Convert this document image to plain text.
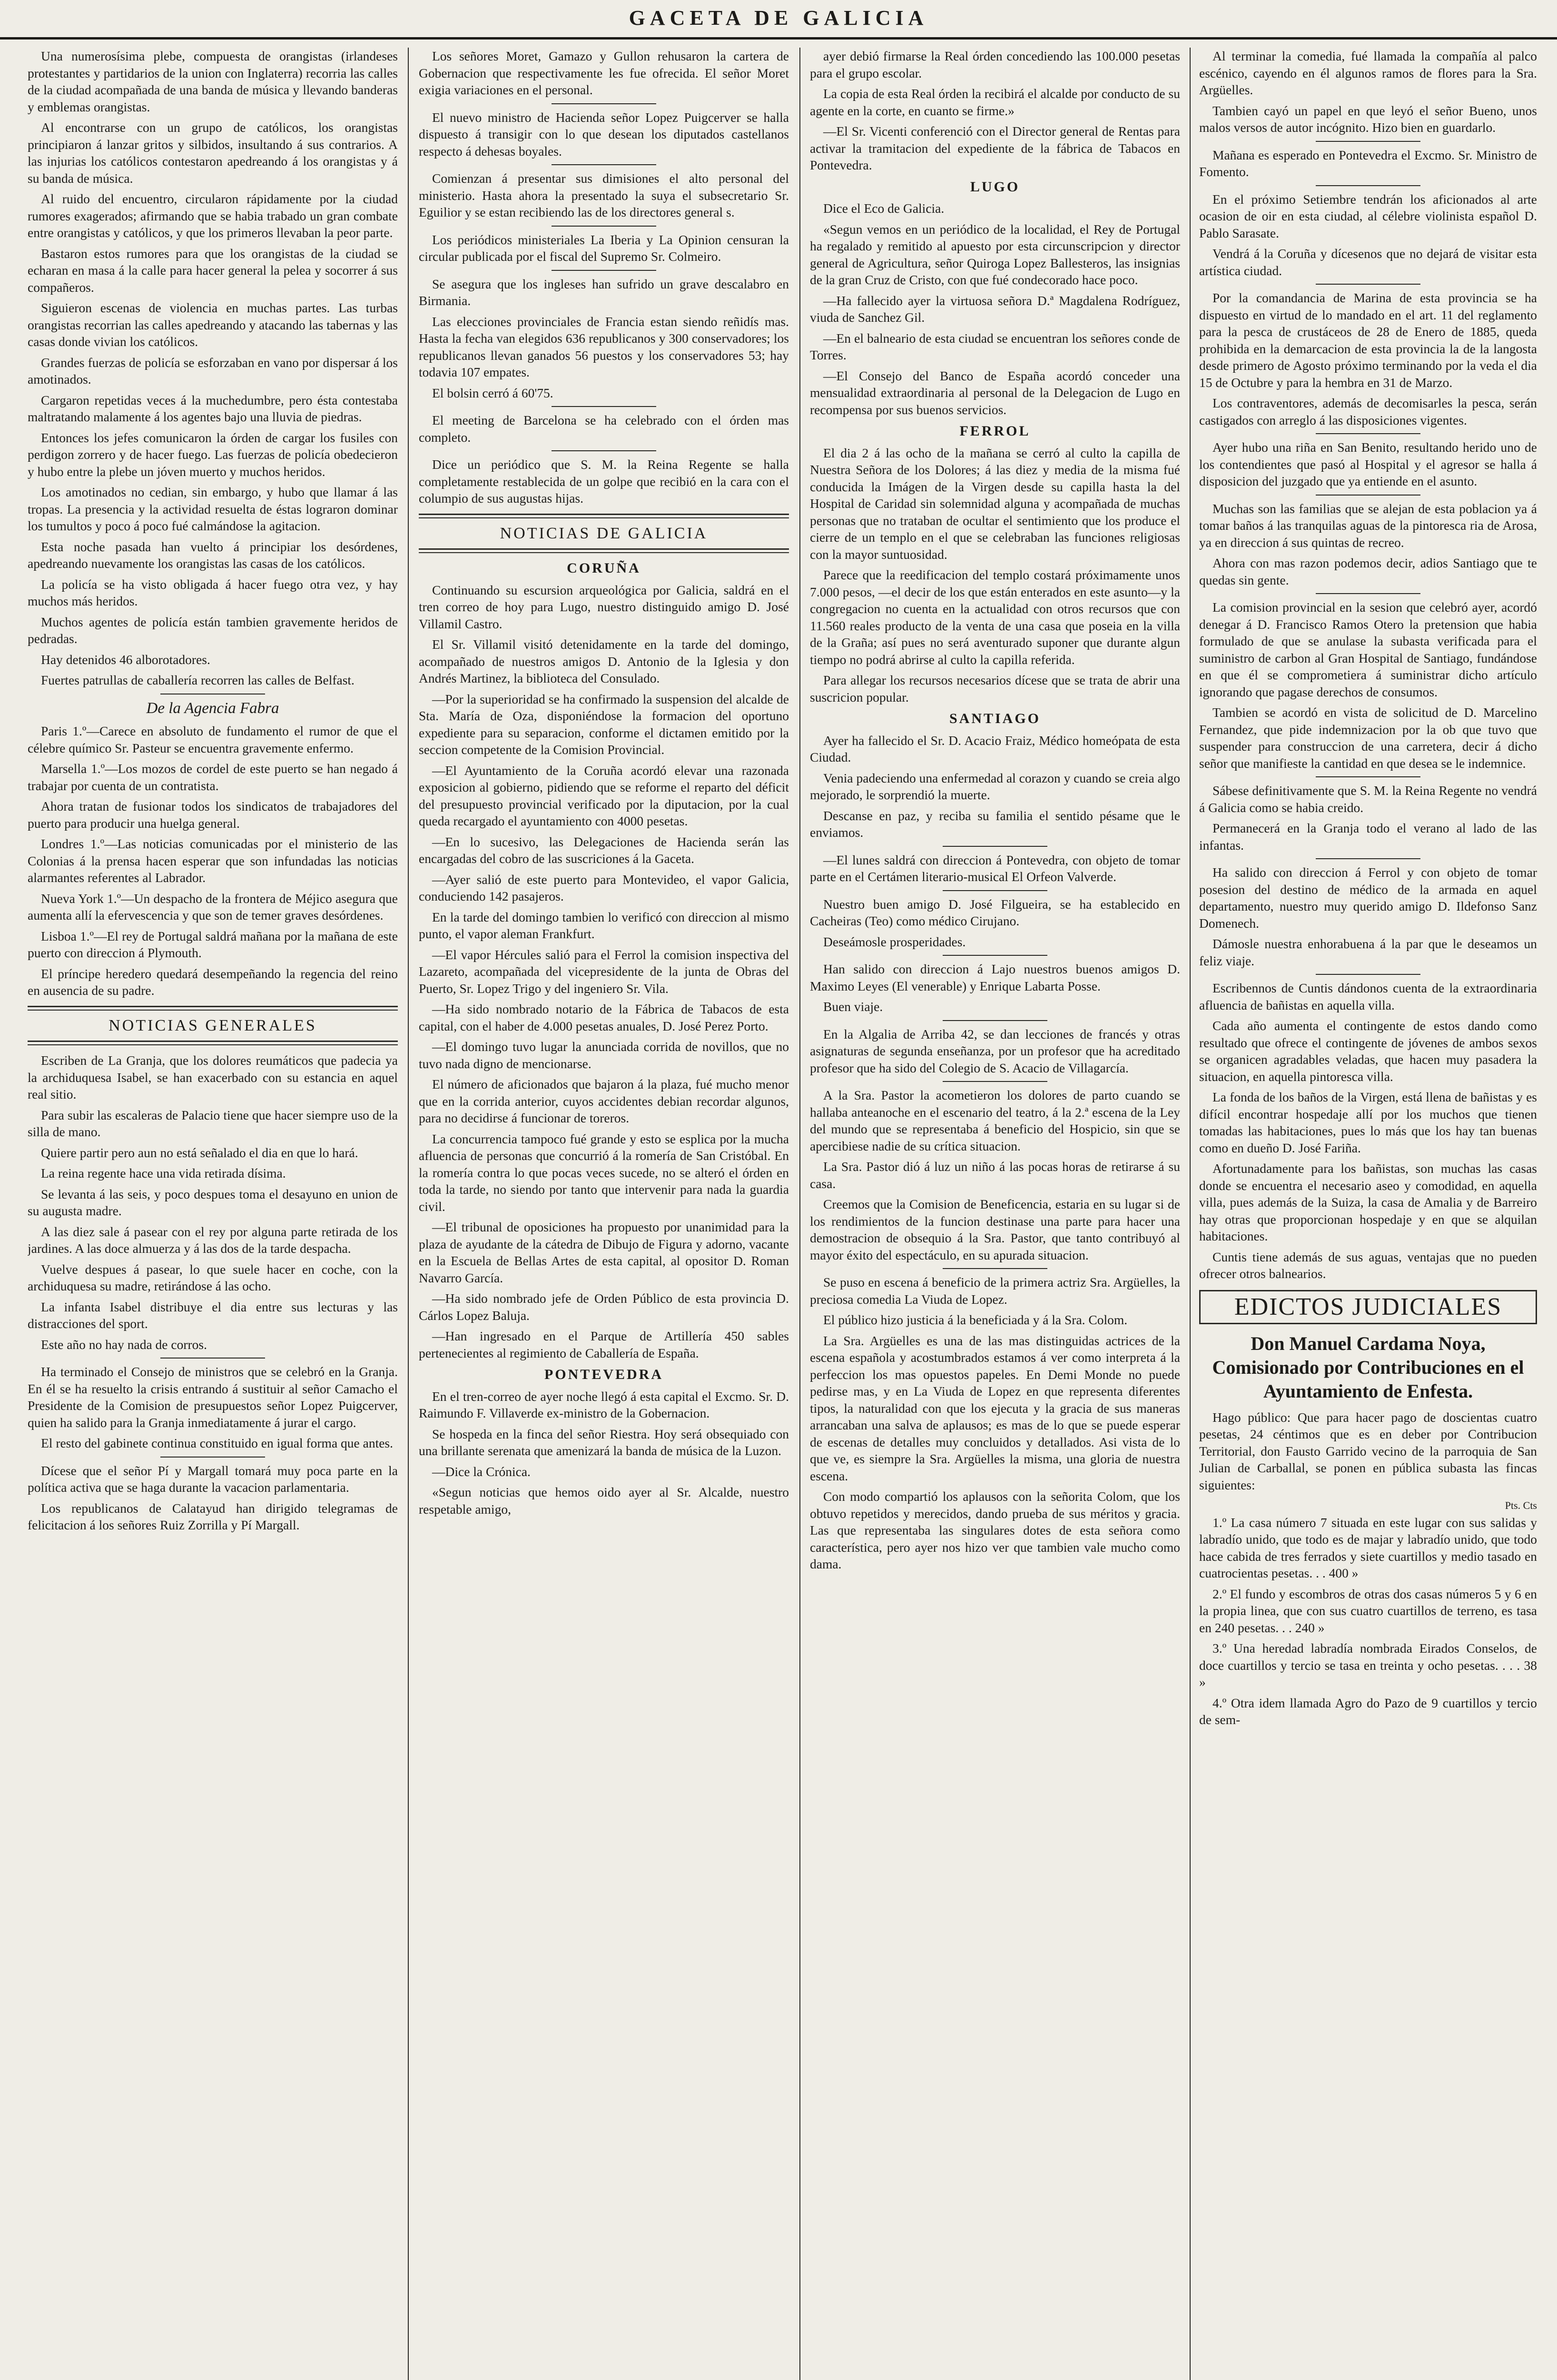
GACETA DE GALICIA

Una numerosísima plebe, compuesta de orangistas (irlandeses protestantes y partidarios de la union con Inglaterra) recorria las calles de la ciudad acompañada de una banda de música y llevando banderas y emblemas orangistas.

Al encontrarse con un grupo de católicos, los orangistas principiaron á lanzar gritos y silbidos, insultando á sus contrarios. A las injurias los católicos contestaron apedreando á los orangistas y á su banda de música.

Al ruido del encuentro, circularon rápidamente por la ciudad rumores exagerados; afirmando que se habia trabado un gran combate entre orangistas y católicos, y que los primeros llevaban la peor parte.

Bastaron estos rumores para que los orangistas de la ciudad se echaran en masa á la calle para hacer general la pelea y socorrer á sus compañeros.

Siguieron escenas de violencia en muchas partes. Las turbas orangistas recorrian las calles apedreando y atacando las tabernas y las casas donde vivian los católicos.

Grandes fuerzas de policía se esforzaban en vano por dispersar á los amotinados.

Cargaron repetidas veces á la muchedumbre, pero ésta contestaba maltratando malamente á los agentes bajo una lluvia de piedras.

Entonces los jefes comunicaron la órden de cargar los fusiles con perdigon zorrero y de hacer fuego. Las fuerzas de policía obedecieron y hubo entre la plebe un jóven muerto y muchos heridos.

Los amotinados no cedian, sin embargo, y hubo que llamar á las tropas. La presencia y la actividad resuelta de éstas lograron dominar los tumultos y poco á poco fué calmándose la agitacion.

Esta noche pasada han vuelto á principiar los desórdenes, apedreando nuevamente los orangistas las casas de los católicos.

La policía se ha visto obligada á hacer fuego otra vez, y hay muchos más heridos.

Muchos agentes de policía están tambien gravemente heridos de pedradas.

Hay detenidos 46 alborotadores.

Fuertes patrullas de caballería recorren las calles de Belfast.

De la Agencia Fabra

Paris 1.º—Carece en absoluto de fundamento el rumor de que el célebre químico Sr. Pasteur se encuentra gravemente enfermo.

Marsella 1.º—Los mozos de cordel de este puerto se han negado á trabajar por cuenta de un contratista.

Ahora tratan de fusionar todos los sindicatos de trabajadores del puerto para producir una huelga general.

Londres 1.º—Las noticias comunicadas por el ministerio de las Colonias á la prensa hacen esperar que son infundadas las noticias alarmantes referentes al Labrador.

Nueva York 1.º—Un despacho de la frontera de Méjico asegura que aumenta allí la efervescencia y que son de temer graves desórdenes.

Lisboa 1.º—El rey de Portugal saldrá mañana por la mañana de este puerto con direccion á Plymouth.

El príncipe heredero quedará desempeñando la regencia del reino en ausencia de su padre.

NOTICIAS GENERALES

Escriben de La Granja, que los dolores reumáticos que padecia ya la archiduquesa Isabel, se han exacerbado con su estancia en aquel real sitio.

Para subir las escaleras de Palacio tiene que hacer siempre uso de la silla de mano.

Quiere partir pero aun no está señalado el dia en que lo hará.

La reina regente hace una vida retirada dísima.

Se levanta á las seis, y poco despues toma el desayuno en union de su augusta madre.

A las diez sale á pasear con el rey por alguna parte retirada de los jardines. A las doce almuerza y á las dos de la tarde despacha.

Vuelve despues á pasear, lo que suele hacer en coche, con la archiduquesa su madre, retirándose á las ocho.

La infanta Isabel distribuye el dia entre sus lecturas y las distracciones del sport.

Este año no hay nada de corros.

Ha terminado el Consejo de ministros que se celebró en la Granja. En él se ha resuelto la crisis entrando á sustituir al señor Camacho el Presidente de la Comision de presupuestos señor Lopez Puigcerver, quien ha salido para la Granja inmediatamente á jurar el cargo.

El resto del gabinete continua constituido en igual forma que antes.

Dícese que el señor Pí y Margall tomará muy poca parte en la política activa que se haga durante la vacacion parlamentaria.

Los republicanos de Calatayud han dirigido telegramas de felicitacion á los señores Ruiz Zorrilla y Pí Margall.

Los señores Moret, Gamazo y Gullon rehusaron la cartera de Gobernacion que respectivamente les fue ofrecida. El señor Moret exigia variaciones en el personal.

El nuevo ministro de Hacienda señor Lopez Puigcerver se halla dispuesto á transigir con lo que desean los diputados castellanos respecto á dehesas boyales.

Comienzan á presentar sus dimisiones el alto personal del ministerio. Hasta ahora la presentado la suya el subsecretario Sr. Eguilior y se estan recibiendo las de los directores general s.

Los periódicos ministeriales La Iberia y La Opinion censuran la circular publicada por el fiscal del Supremo Sr. Colmeiro.

Se asegura que los ingleses han sufrido un grave descalabro en Birmania.

Las elecciones provinciales de Francia estan siendo reñidís mas. Hasta la fecha van elegidos 636 republicanos y 300 conservadores; los republicanos llevan ganados 56 puestos y los conservadores 53; hay todavia 107 empates.

El bolsin cerró á 60'75.

El meeting de Barcelona se ha celebrado con el órden mas completo.

Dice un periódico que S. M. la Reina Regente se halla completamente restablecida de un golpe que recibió en la cara con el columpio de sus augustas hijas.

NOTICIAS DE GALICIA
CORUÑA

Continuando su escursion arqueológica por Galicia, saldrá en el tren correo de hoy para Lugo, nuestro distinguido amigo D. José Villamil Castro.

El Sr. Villamil visitó detenidamente en la tarde del domingo, acompañado de nuestros amigos D. Antonio de la Iglesia y don Andrés Martinez, la biblioteca del Consulado.

—Por la superioridad se ha confirmado la suspension del alcalde de Sta. María de Oza, disponiéndose la formacion del oportuno expediente para su separacion, conforme el dictamen emitido por la seccion competente de la Comision Provincial.

—El Ayuntamiento de la Coruña acordó elevar una razonada exposicion al gobierno, pidiendo que se reforme el reparto del déficit del presupuesto provincial verificado por la diputacion, por la cual queda recargado el ayuntamiento con 4000 pesetas.

—En lo sucesivo, las Delegaciones de Hacienda serán las encargadas del cobro de las suscriciones á la Gaceta.

—Ayer salió de este puerto para Montevideo, el vapor Galicia, conduciendo 142 pasajeros.

En la tarde del domingo tambien lo verificó con direccion al mismo punto, el vapor aleman Frankfurt.

—El vapor Hércules salió para el Ferrol la comision inspectiva del Lazareto, acompañada del vicepresidente de la junta de Obras del Puerto, Sr. Lopez Trigo y del ingeniero Sr. Vila.

—Ha sido nombrado notario de la Fábrica de Tabacos de esta capital, con el haber de 4.000 pesetas anuales, D. José Perez Porto.

—El domingo tuvo lugar la anunciada corrida de novillos, que no tuvo nada digno de mencionarse.

El número de aficionados que bajaron á la plaza, fué mucho menor que en la corrida anterior, cuyos accidentes debian recordar algunos, para no decidirse á funcionar de toreros.

La concurrencia tampoco fué grande y esto se esplica por la mucha afluencia de personas que concurrió á la romería de San Cristóbal. En la romería contra lo que pocas veces sucede, no se alteró el órden en toda la tarde, no siendo por tanto que intervenir para nada la guardia civil.

—El tribunal de oposiciones ha propuesto por unanimidad para la plaza de ayudante de la cátedra de Dibujo de Figura y adorno, vacante en la Escuela de Bellas Artes de esta capital, al opositor D. Roman Navarro García.

—Ha sido nombrado jefe de Orden Público de esta provincia D. Cárlos Lopez Baluja.

—Han ingresado en el Parque de Artillería 450 sables pertenecientes al regimiento de Caballería de España.

PONTEVEDRA

En el tren-correo de ayer noche llegó á esta capital el Excmo. Sr. D. Raimundo F. Villaverde ex-ministro de la Gobernacion.

Se hospeda en la finca del señor Riestra. Hoy será obsequiado con una brillante serenata que amenizará la banda de música de la Luzon.

—Dice la Crónica.

«Segun noticias que hemos oido ayer al Sr. Alcalde, nuestro respetable amigo,

ayer debió firmarse la Real órden concediendo las 100.000 pesetas para el grupo escolar.

La copia de esta Real órden la recibirá el alcalde por conducto de su agente en la corte, en cuanto se firme.»

—El Sr. Vicenti conferenció con el Director general de Rentas para activar la tramitacion del expediente de la fábrica de Tabacos en Pontevedra.

LUGO

Dice el Eco de Galicia.

«Segun vemos en un periódico de la localidad, el Rey de Portugal ha regalado y remitido al apuesto por esta circunscripcion y director general de Agricultura, señor Quiroga Lopez Ballesteros, las insignias de la gran Cruz de Cristo, con que fué condecorado hace poco.

—Ha fallecido ayer la virtuosa señora D.ª Magdalena Rodríguez, viuda de Sanchez Gil.

—En el balneario de esta ciudad se encuentran los señores conde de Torres.

—El Consejo del Banco de España acordó conceder una mensualidad extraordinaria al personal de la Delegacion de Lugo en recompensa por sus buenos servicios.

FERROL

El dia 2 á las ocho de la mañana se cerró al culto la capilla de Nuestra Señora de los Dolores; á las diez y media de la misma fué conducida la Imágen de la Virgen desde su capilla hasta la del Hospital de Caridad sin solemnidad alguna y acompañada de muchas personas que no trataban de ocultar el sentimiento que los produce el cierre de un templo en el que se celebraban las funciones religiosas con la mayor suntuosidad.

Parece que la reedificacion del templo costará próximamente unos 7.000 pesos, —el decir de los que están enterados en este asunto—y la congregacion no cuenta en la actualidad con otros recursos que con 11.560 reales producto de la venta de una casa que poseia en la villa de la Graña; así pues no será aventurado suponer que durante algun tiempo no podrá abrirse al culto la capilla referida.

Para allegar los recursos necesarios dícese que se trata de abrir una suscricion popular.

SANTIAGO

Ayer ha fallecido el Sr. D. Acacio Fraiz, Médico homeópata de esta Ciudad.

Venia padeciendo una enfermedad al corazon y cuando se creia algo mejorado, le sorprendió la muerte.

Descanse en paz, y reciba su familia el sentido pésame que le enviamos.

—El lunes saldrá con direccion á Pontevedra, con objeto de tomar parte en el Certámen literario-musical El Orfeon Valverde.

Nuestro buen amigo D. José Filgueira, se ha establecido en Cacheiras (Teo) como médico Cirujano.

Deseámosle prosperidades.

Han salido con direccion á Lajo nuestros buenos amigos D. Maximo Leyes (El venerable) y Enrique Labarta Posse.

Buen viaje.

En la Algalia de Arriba 42, se dan lecciones de francés y otras asignaturas de segunda enseñanza, por un profesor que ha acreditado profesor que ha sido del Colegio de S. Acacio de Villagarcía.

A la Sra. Pastor la acometieron los dolores de parto cuando se hallaba anteanoche en el escenario del teatro, á la 2.ª escena de la Ley del mundo que se representaba á beneficio del Hospicio, sin que se apercibiese nadie de su crítica situacion.

La Sra. Pastor dió á luz un niño á las pocas horas de retirarse á su casa.

Creemos que la Comision de Beneficencia, estaria en su lugar si de los rendimientos de la funcion destinase una parte para hacer una demostracion de obsequio á la Sra. Pastor, que tanto contribuyó al mayor éxito del espectáculo, en su apurada situacion.

Se puso en escena á beneficio de la primera actriz Sra. Argüelles, la preciosa comedia La Viuda de Lopez.

El público hizo justicia á la beneficiada y á la Sra. Colom.

La Sra. Argüelles es una de las mas distinguidas actrices de la escena española y acostumbrados estamos á ver como interpreta á la perfeccion los mas opuestos papeles. En Demi Monde no puede pedirse mas, y en La Viuda de Lopez en que representa diferentes tipos, la naturalidad con que los ejecuta y la gracia de sus maneras arrancaban una salva de aplausos; es mas de lo que se puede esperar de escenas de detalles muy concluidos y detallados. Asi vista de lo que ve, es siempre la Sra. Argüelles la misma, una gloria de nuestra escena.

Con modo compartió los aplausos con la señorita Colom, que los obtuvo repetidos y merecidos, dando prueba de sus méritos y gracia. Las que representaba las singulares dotes de esta señora como característica, pero ayer nos hizo ver que tambien vale mucho como dama.

Al terminar la comedia, fué llamada la compañía al palco escénico, cayendo en él algunos ramos de flores para la Sra. Argüelles.

Tambien cayó un papel en que leyó el señor Bueno, unos malos versos de autor incógnito. Hizo bien en guardarlo.

Mañana es esperado en Pontevedra el Excmo. Sr. Ministro de Fomento.

En el próximo Setiembre tendrán los aficionados al arte ocasion de oir en esta ciudad, al célebre violinista español D. Pablo Sarasate.

Vendrá á la Coruña y dícesenos que no dejará de visitar esta artística ciudad.

Por la comandancia de Marina de esta provincia se ha dispuesto en virtud de lo mandado en el art. 11 del reglamento para la pesca de crustáceos de 28 de Enero de 1885, queda prohibida en la demarcacion de esta provincia la de la langosta desde primero de Agosto próximo terminando por la veda el dia 15 de Octubre y para la hembra en 31 de Marzo.

Los contraventores, además de decomisarles la pesca, serán castigados con arreglo á las disposiciones vigentes.

Ayer hubo una riña en San Benito, resultando herido uno de los contendientes que pasó al Hospital y el agresor se halla á disposicion del juzgado que ya entiende en el asunto.

Muchas son las familias que se alejan de esta poblacion ya á tomar baños á las tranquilas aguas de la pintoresca ria de Arosa, ya en direccion á sus quintas de recreo.

Ahora con mas razon podemos decir, adios Santiago que te quedas sin gente.

La comision provincial en la sesion que celebró ayer, acordó denegar á D. Francisco Ramos Otero la pretension que habia formulado de que se anulase la subasta verificada para el suministro de carbon al Gran Hospital de Santiago, fundándose en que él se comprometiera á suministrar dicho artículo ignorando que pagase derechos de consumos.

Tambien se acordó en vista de solicitud de D. Marcelino Fernandez, que pide indemnizacion por la ob que tuvo que suspender para construccion de una carretera, decir á dicho señor que manifieste la cantidad en que desea se le indemnice.

Sábese definitivamente que S. M. la Reina Regente no vendrá á Galicia como se habia creido.

Permanecerá en la Granja todo el verano al lado de las infantas.

Ha salido con direccion á Ferrol y con objeto de tomar posesion del destino de médico de la armada en aquel departamento, nuestro muy querido amigo D. Ildefonso Sanz Domenech.

Dámosle nuestra enhorabuena á la par que le deseamos un feliz viaje.

Escribennos de Cuntis dándonos cuenta de la extraordinaria afluencia de bañistas en aquella villa.

Cada año aumenta el contingente de estos dando como resultado que ofrece el contingente de jóvenes de ambos sexos se organicen agradables veladas, que hacen muy pasadera la situacion, en aquella pintoresca villa.

La fonda de los baños de la Virgen, está llena de bañistas y es difícil encontrar hospedaje allí por los muchos que tienen tomadas las habitaciones, pues lo más que los hay tan buenas como en dueño D. José Fariña.

Afortunadamente para los bañistas, son muchas las casas donde se encuentra el necesario aseo y comodidad, en aquella villa, pues además de la Suiza, la casa de Amalia y de Barreiro hay otras que proporcionan hospedaje y en que se alquilan habitaciones.

Cuntis tiene además de sus aguas, ventajas que no pueden ofrecer otros balnearios.

EDICTOS JUDICIALES
Don Manuel Cardama Noya, Comisionado por Contribuciones en el Ayuntamiento de Enfesta.

Hago público: Que para hacer pago de doscientas cuatro pesetas, 24 céntimos que es en deber por Contribucion Territorial, don Fausto Garrido vecino de la parroquia de San Julian de Carballal, se ponen en pública subasta las fincas siguientes:

Pts. Cts

1.º La casa número 7 situada en este lugar con sus salidas y labradío unido, que todo es de majar y labradío unido, que todo hace cabida de tres ferrados y siete cuartillos y medio tasado en cuatrocientas pesetas. . . 400 »

2.º El fundo y escombros de otras dos casas números 5 y 6 en la propia linea, que con sus cuatro cuartillos de terreno, es tasa en 240 pesetas. . . 240 »

3.º Una heredad labradía nombrada Eirados Conselos, de doce cuartillos y tercio se tasa en treinta y ocho pesetas. . . . 38 »

4.º Otra idem llamada Agro do Pazo de 9 cuartillos y tercio de sem-
